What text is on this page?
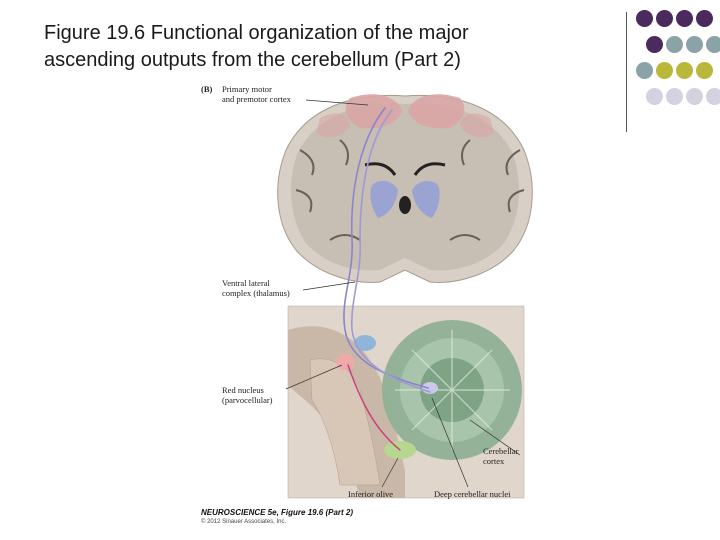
Figure 19.6 Functional organization of the major
ascending outputs from the cerebellum (Part 2)
(B) Primary motor
and premotor cortex
Ventral lateral
complex (thalamus)
Red nucleus
(parvocellular)
Cerebellar
cortex
Inferior olive	Deep cerebellar nuclei
NEUROSCIENCE 5e, Figure 19.6 (Part 2)
© 2012 Sinauer Associates, Inc.
